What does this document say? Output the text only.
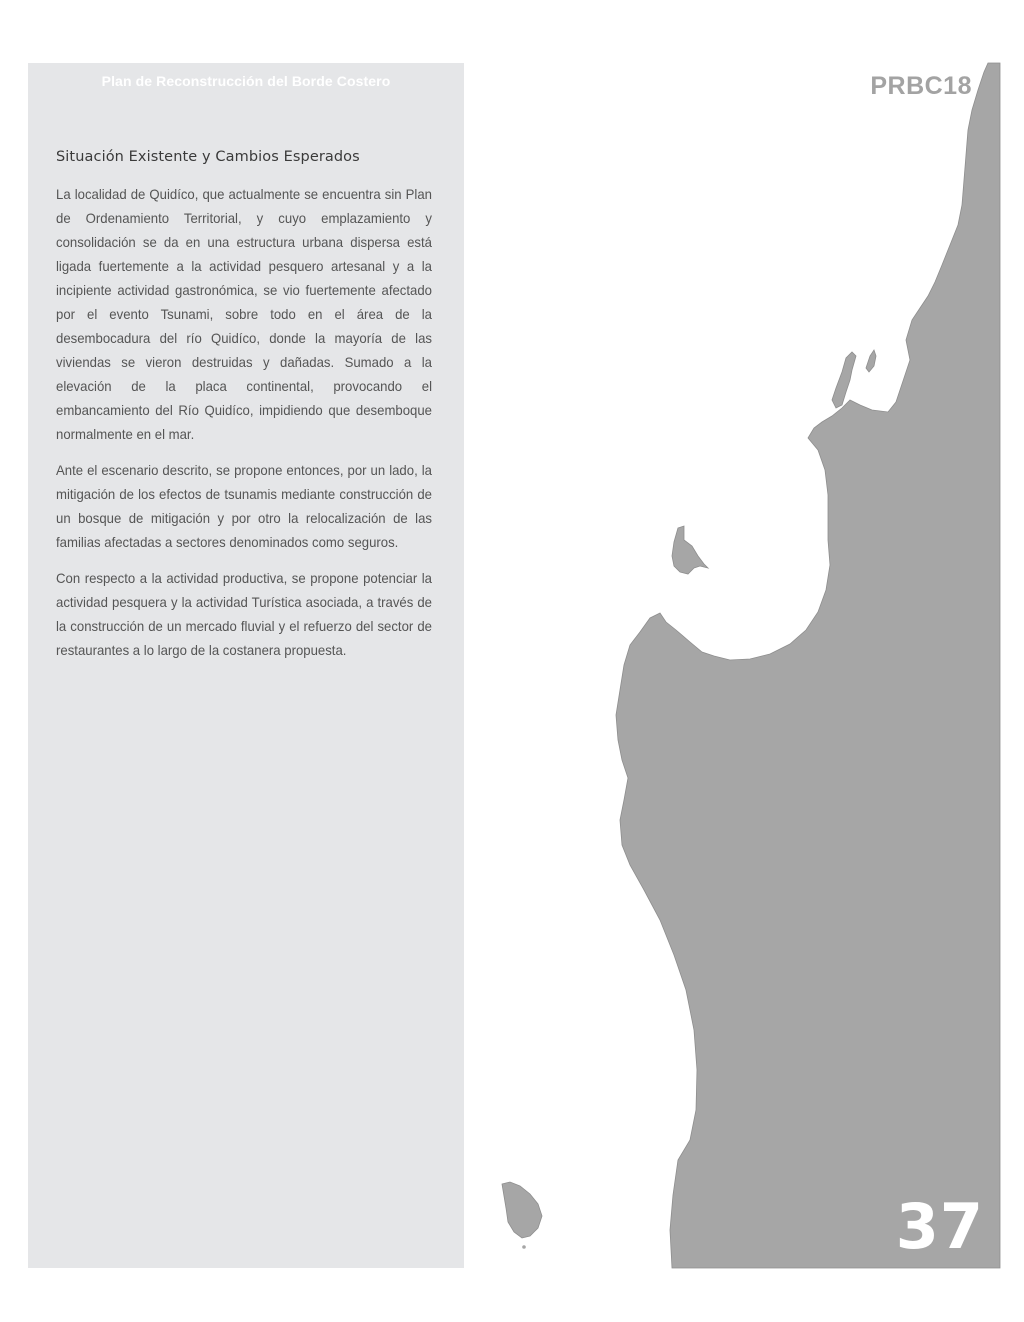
Plan de Reconstrucción del Borde Costero
Situación Existente y Cambios Esperados

La localidad de Quidíco, que actualmente se encuentra sin Plan de Ordenamiento Territorial, y cuyo emplazamiento y consolidación se da en una estructura urbana dispersa está ligada fuertemente a la actividad pesquero artesanal y a la incipiente actividad gastronómica, se vio fuertemente afectado por el evento Tsunami, sobre todo en el área de la desembocadura del río Quidíco, donde la mayoría de las viviendas se vieron destruidas y dañadas. Sumado a la elevación de la placa continental, provocando el embancamiento del Río Quidíco, impidiendo que desemboque normalmente en el mar.

Ante el escenario descrito, se propone entonces, por un lado, la mitigación de los efectos de tsunamis mediante construcción de un bosque de mitigación y por otro la relocalización de las familias afectadas a sectores denominados como seguros.

Con respecto a la actividad productiva, se propone potenciar la actividad pesquera y la actividad Turística asociada, a través de la construcción de un mercado fluvial y el refuerzo del sector de restaurantes a lo largo de la costanera propuesta.

PRBC18
37
